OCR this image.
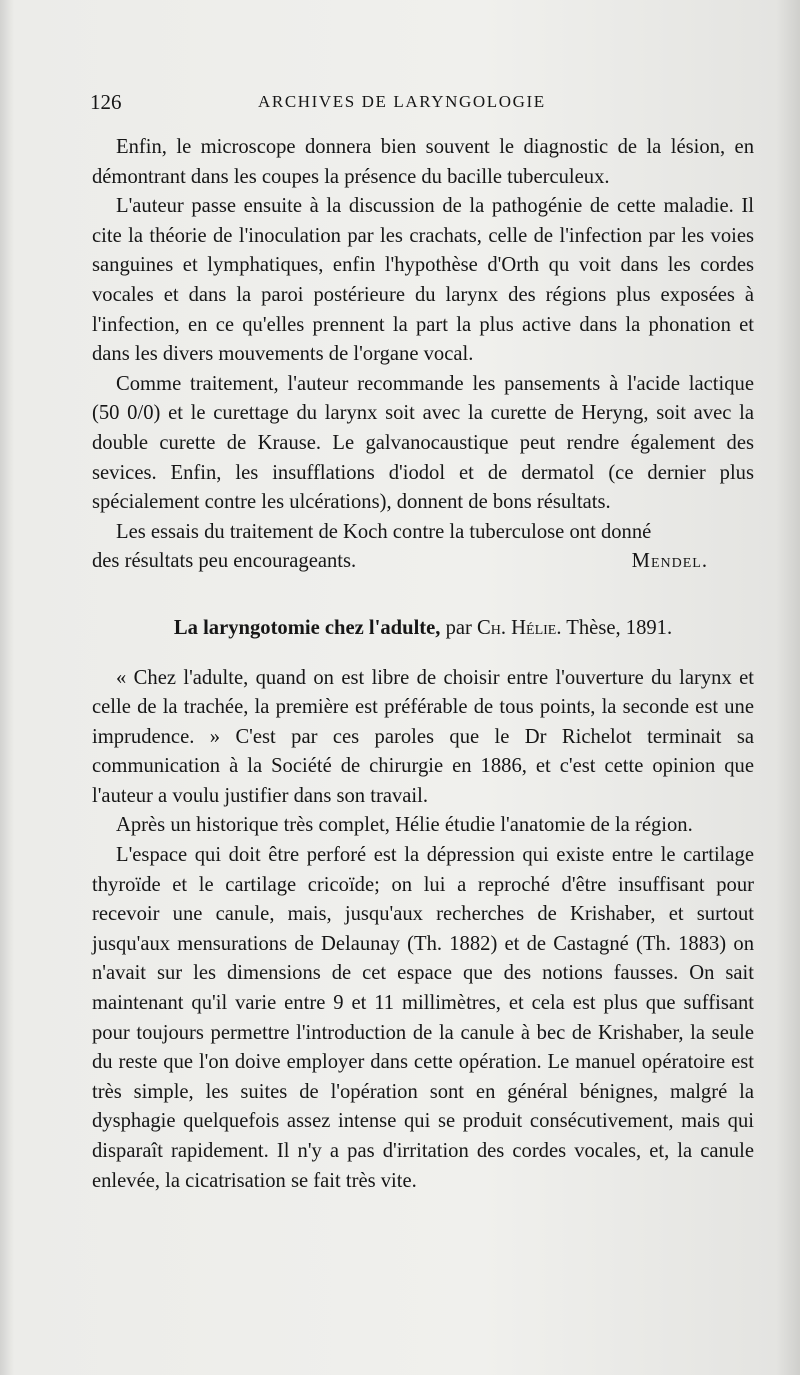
126	ARCHIVES DE LARYNGOLOGIE

Enfin, le microscope donnera bien souvent le diagnostic de la lésion, en démontrant dans les coupes la présence du bacille tuberculeux.

L'auteur passe ensuite à la discussion de la pathogénie de cette maladie. Il cite la théorie de l'inoculation par les crachats, celle de l'infection par les voies sanguines et lymphatiques, enfin l'hypothèse d'Orth qu voit dans les cordes vocales et dans la paroi postérieure du larynx des régions plus exposées à l'infection, en ce qu'elles prennent la part la plus active dans la phonation et dans les divers mouvements de l'organe vocal.

Comme traitement, l'auteur recommande les pansements à l'acide lactique (50 0/0) et le curettage du larynx soit avec la curette de Heryng, soit avec la double curette de Krause. Le galvanocaustique peut rendre également des sevices. Enfin, les insufflations d'iodol et de dermatol (ce dernier plus spécialement contre les ulcérations), donnent de bons résultats.

Les essais du traitement de Koch contre la tuberculose ont donné

des résultats peu encourageants.	Mendel.
La laryngotomie chez l'adulte, par Ch. Hélie. Thèse, 1891.

« Chez l'adulte, quand on est libre de choisir entre l'ouverture du larynx et celle de la trachée, la première est préférable de tous points, la seconde est une imprudence. » C'est par ces paroles que le Dr Richelot terminait sa communication à la Société de chirurgie en 1886, et c'est cette opinion que l'auteur a voulu justifier dans son travail.

Après un historique très complet, Hélie étudie l'anatomie de la région.

L'espace qui doit être perforé est la dépression qui existe entre le cartilage thyroïde et le cartilage cricoïde; on lui a reproché d'être insuffisant pour recevoir une canule, mais, jusqu'aux recherches de Krishaber, et surtout jusqu'aux mensurations de Delaunay (Th. 1882) et de Castagné (Th. 1883) on n'avait sur les dimensions de cet espace que des notions fausses. On sait maintenant qu'il varie entre 9 et 11 millimètres, et cela est plus que suffisant pour toujours permettre l'introduction de la canule à bec de Krishaber, la seule du reste que l'on doive employer dans cette opération. Le manuel opératoire est très simple, les suites de l'opération sont en général bénignes, malgré la dysphagie quelquefois assez intense qui se produit consécutivement, mais qui disparaît rapidement. Il n'y a pas d'irritation des cordes vocales, et, la canule enlevée, la cicatrisation se fait très vite.
